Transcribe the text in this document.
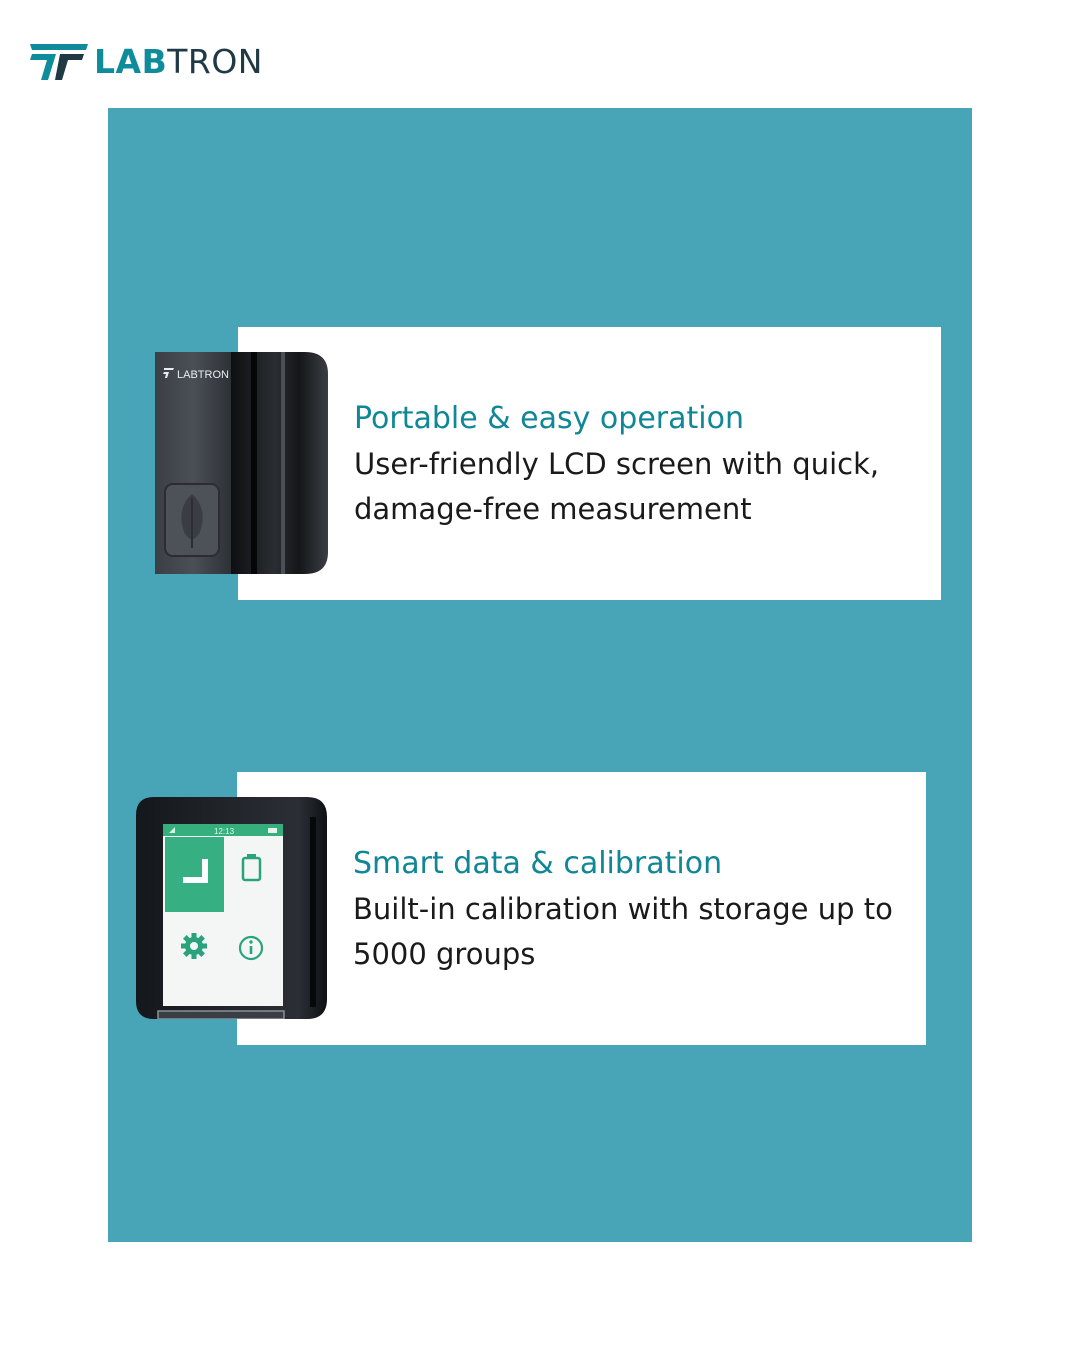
LABTRON
Portable & easy operation
User-friendly LCD screen with quick, damage-free measurement
LABTRON
Smart data & calibration
Built-in calibration with storage up to 5000 groups
12:13
